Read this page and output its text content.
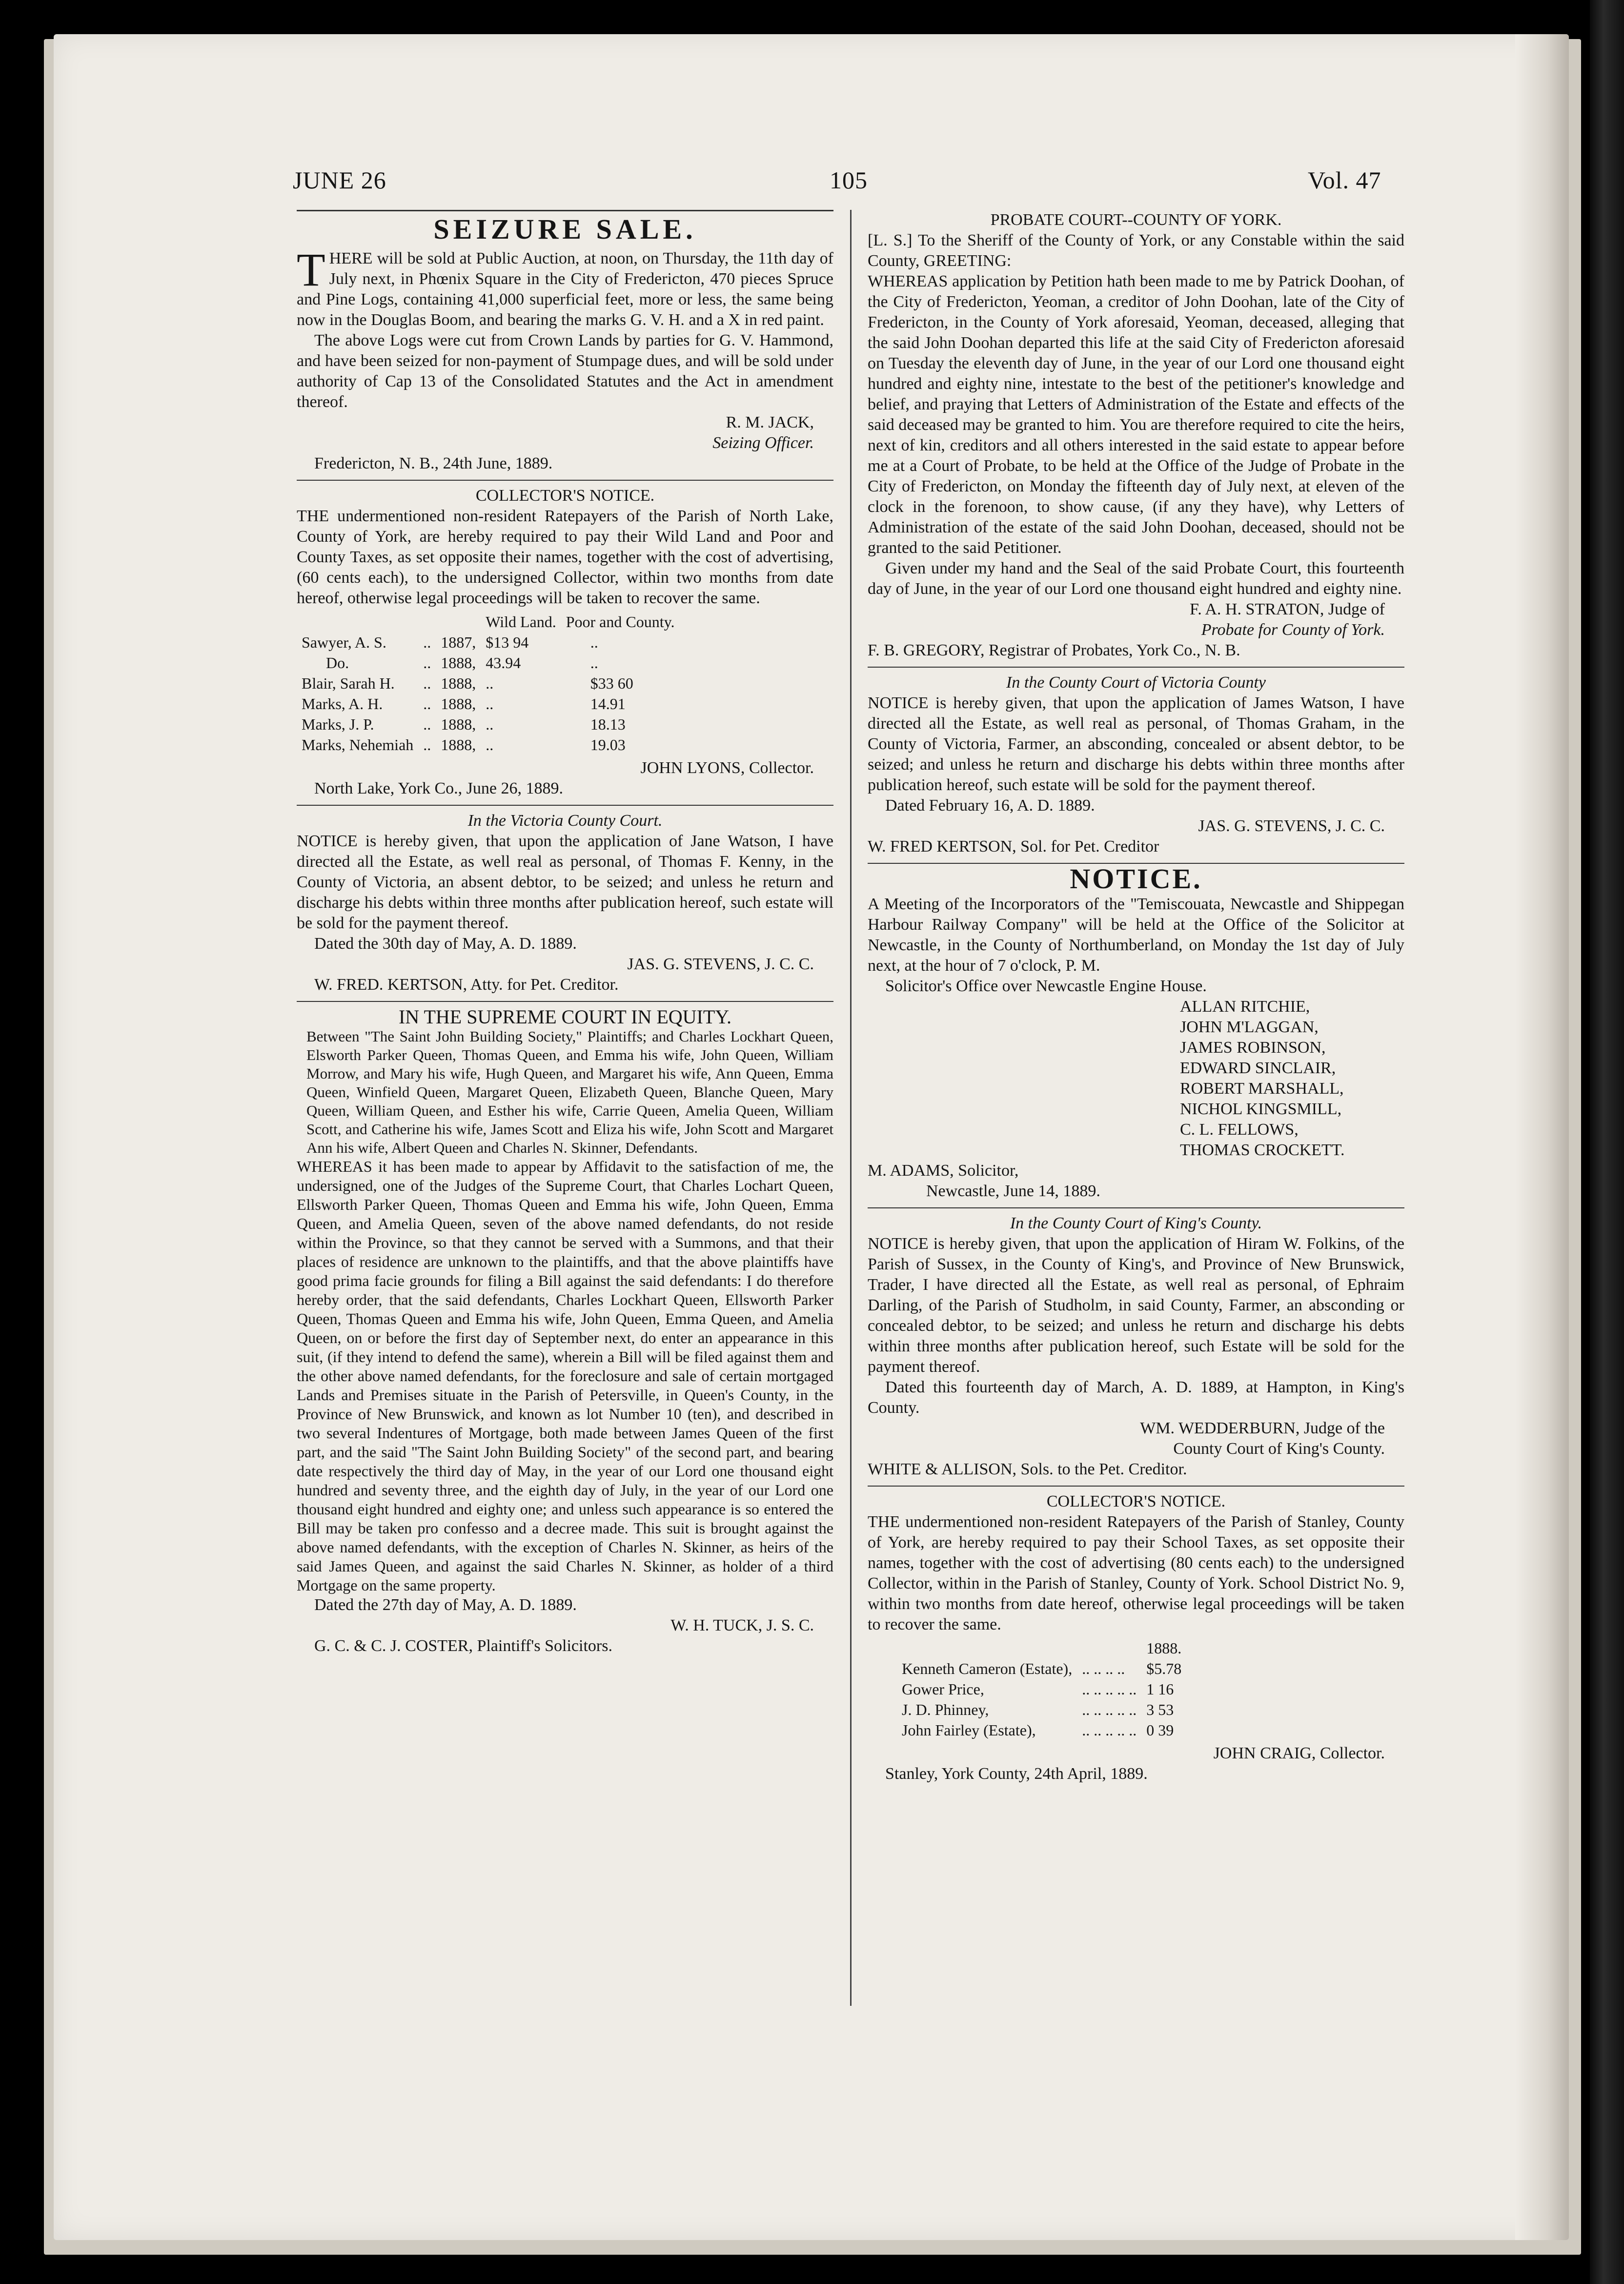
JUNE 26	105	Vol. 47
SEIZURE SALE.

THERE will be sold at Public Auction, at noon, on Thursday, the 11th day of July next, in Phœnix Square in the City of Fredericton, 470 pieces Spruce and Pine Logs, containing 41,000 superficial feet, more or less, the same being now in the Douglas Boom, and bearing the marks G. V. H. and a X in red paint.

The above Logs were cut from Crown Lands by parties for G. V. Hammond, and have been seized for non-payment of Stumpage dues, and will be sold under authority of Cap 13 of the Consolidated Statutes and the Act in amendment thereof.

R. M. JACK,

Seizing Officer.

Fredericton, N. B., 24th June, 1889.

COLLECTOR'S NOTICE.

THE undermentioned non-resident Ratepayers of the Parish of North Lake, County of York, are hereby required to pay their Wild Land and Poor and County Taxes, as set opposite their names, together with the cost of advertising, (60 cents each), to the undersigned Collector, within two months from date hereof, otherwise legal proceedings will be taken to recover the same.

			Wild Land.	Poor and County.
Sawyer, A. S.	..	1887,	$13 94	..
Do.	..	1888,	43.94	..
Blair, Sarah H.	..	1888,	..	$33 60
Marks, A. H.	..	1888,	..	14.91
Marks, J. P.	..	1888,	..	18.13
Marks, Nehemiah	..	1888,	..	19.03

JOHN LYONS, Collector.

North Lake, York Co., June 26, 1889.

In the Victoria County Court.

NOTICE is hereby given, that upon the application of Jane Watson, I have directed all the Estate, as well real as personal, of Thomas F. Kenny, in the County of Victoria, an absent debtor, to be seized; and unless he return and discharge his debts within three months after publication hereof, such estate will be sold for the payment thereof.

Dated the 30th day of May, A. D. 1889.

JAS. G. STEVENS, J. C. C.

W. FRED. KERTSON, Atty. for Pet. Creditor.

IN THE SUPREME COURT IN EQUITY.

Between "The Saint John Building Society," Plaintiffs; and Charles Lockhart Queen, Elsworth Parker Queen, Thomas Queen, and Emma his wife, John Queen, William Morrow, and Mary his wife, Hugh Queen, and Margaret his wife, Ann Queen, Emma Queen, Winfield Queen, Margaret Queen, Elizabeth Queen, Blanche Queen, Mary Queen, William Queen, and Esther his wife, Carrie Queen, Amelia Queen, William Scott, and Catherine his wife, James Scott and Eliza his wife, John Scott and Margaret Ann his wife, Albert Queen and Charles N. Skinner, Defendants.

WHEREAS it has been made to appear by Affidavit to the satisfaction of me, the undersigned, one of the Judges of the Supreme Court, that Charles Lochart Queen, Ellsworth Parker Queen, Thomas Queen and Emma his wife, John Queen, Emma Queen, and Amelia Queen, seven of the above named defendants, do not reside within the Province, so that they cannot be served with a Summons, and that their places of residence are unknown to the plaintiffs, and that the above plaintiffs have good prima facie grounds for filing a Bill against the said defendants: I do therefore hereby order, that the said defendants, Charles Lockhart Queen, Ellsworth Parker Queen, Thomas Queen and Emma his wife, John Queen, Emma Queen, and Amelia Queen, on or before the first day of September next, do enter an appearance in this suit, (if they intend to defend the same), wherein a Bill will be filed against them and the other above named defendants, for the foreclosure and sale of certain mortgaged Lands and Premises situate in the Parish of Petersville, in Queen's County, in the Province of New Brunswick, and known as lot Number 10 (ten), and described in two several Indentures of Mortgage, both made between James Queen of the first part, and the said "The Saint John Building Society" of the second part, and bearing date respectively the third day of May, in the year of our Lord one thousand eight hundred and seventy three, and the eighth day of July, in the year of our Lord one thousand eight hundred and eighty one; and unless such appearance is so entered the Bill may be taken pro confesso and a decree made. This suit is brought against the above named defendants, with the exception of Charles N. Skinner, as heirs of the said James Queen, and against the said Charles N. Skinner, as holder of a third Mortgage on the same property.

Dated the 27th day of May, A. D. 1889.

W. H. TUCK, J. S. C.

G. C. & C. J. COSTER, Plaintiff's Solicitors.

PROBATE COURT--COUNTY OF YORK.

[L. S.] To the Sheriff of the County of York, or any Constable within the said County, GREETING:

WHEREAS application by Petition hath been made to me by Patrick Doohan, of the City of Fredericton, Yeoman, a creditor of John Doohan, late of the City of Fredericton, in the County of York aforesaid, Yeoman, deceased, alleging that the said John Doohan departed this life at the said City of Fredericton aforesaid on Tuesday the eleventh day of June, in the year of our Lord one thousand eight hundred and eighty nine, intestate to the best of the petitioner's knowledge and belief, and praying that Letters of Administration of the Estate and effects of the said deceased may be granted to him. You are therefore required to cite the heirs, next of kin, creditors and all others interested in the said estate to appear before me at a Court of Probate, to be held at the Office of the Judge of Probate in the City of Fredericton, on Monday the fifteenth day of July next, at eleven of the clock in the forenoon, to show cause, (if any they have), why Letters of Administration of the estate of the said John Doohan, deceased, should not be granted to the said Petitioner.

Given under my hand and the Seal of the said Probate Court, this fourteenth day of June, in the year of our Lord one thousand eight hundred and eighty nine.

F. A. H. STRATON, Judge of

Probate for County of York.

F. B. GREGORY, Registrar of Probates, York Co., N. B.

In the County Court of Victoria County

NOTICE is hereby given, that upon the application of James Watson, I have directed all the Estate, as well real as personal, of Thomas Graham, in the County of Victoria, Farmer, an absconding, concealed or absent debtor, to be seized; and unless he return and discharge his debts within three months after publication hereof, such estate will be sold for the payment thereof.

Dated February 16, A. D. 1889.

JAS. G. STEVENS, J. C. C.

W. FRED KERTSON, Sol. for Pet. Creditor

NOTICE.

A Meeting of the Incorporators of the "Temiscouata, Newcastle and Shippegan Harbour Railway Company" will be held at the Office of the Solicitor at Newcastle, in the County of Northumberland, on Monday the 1st day of July next, at the hour of 7 o'clock, P. M.

Solicitor's Office over Newcastle Engine House.

ALLAN RITCHIE,

JOHN M'LAGGAN,

JAMES ROBINSON,

EDWARD SINCLAIR,

ROBERT MARSHALL,

NICHOL KINGSMILL,

C. L. FELLOWS,

THOMAS CROCKETT.

M. ADAMS, Solicitor,

Newcastle, June 14, 1889.

In the County Court of King's County.

NOTICE is hereby given, that upon the application of Hiram W. Folkins, of the Parish of Sussex, in the County of King's, and Province of New Brunswick, Trader, I have directed all the Estate, as well real as personal, of Ephraim Darling, of the Parish of Studholm, in said County, Farmer, an absconding or concealed debtor, to be seized; and unless he return and discharge his debts within three months after publication hereof, such Estate will be sold for the payment thereof.

Dated this fourteenth day of March, A. D. 1889, at Hampton, in King's County.

WM. WEDDERBURN, Judge of the

County Court of King's County.

WHITE & ALLISON, Sols. to the Pet. Creditor.

COLLECTOR'S NOTICE.

THE undermentioned non-resident Ratepayers of the Parish of Stanley, County of York, are hereby required to pay their School Taxes, as set opposite their names, together with the cost of advertising (80 cents each) to the undersigned Collector, within in the Parish of Stanley, County of York. School District No. 9, within two months from date hereof, otherwise legal proceedings will be taken to recover the same.

		1888.
Kenneth Cameron (Estate),	.. .. .. ..	$5.78
Gower Price,	.. .. .. .. ..	1 16
J. D. Phinney,	.. .. .. .. ..	3 53
John Fairley (Estate),	.. .. .. .. ..	0 39

JOHN CRAIG, Collector.

Stanley, York County, 24th April, 1889.
